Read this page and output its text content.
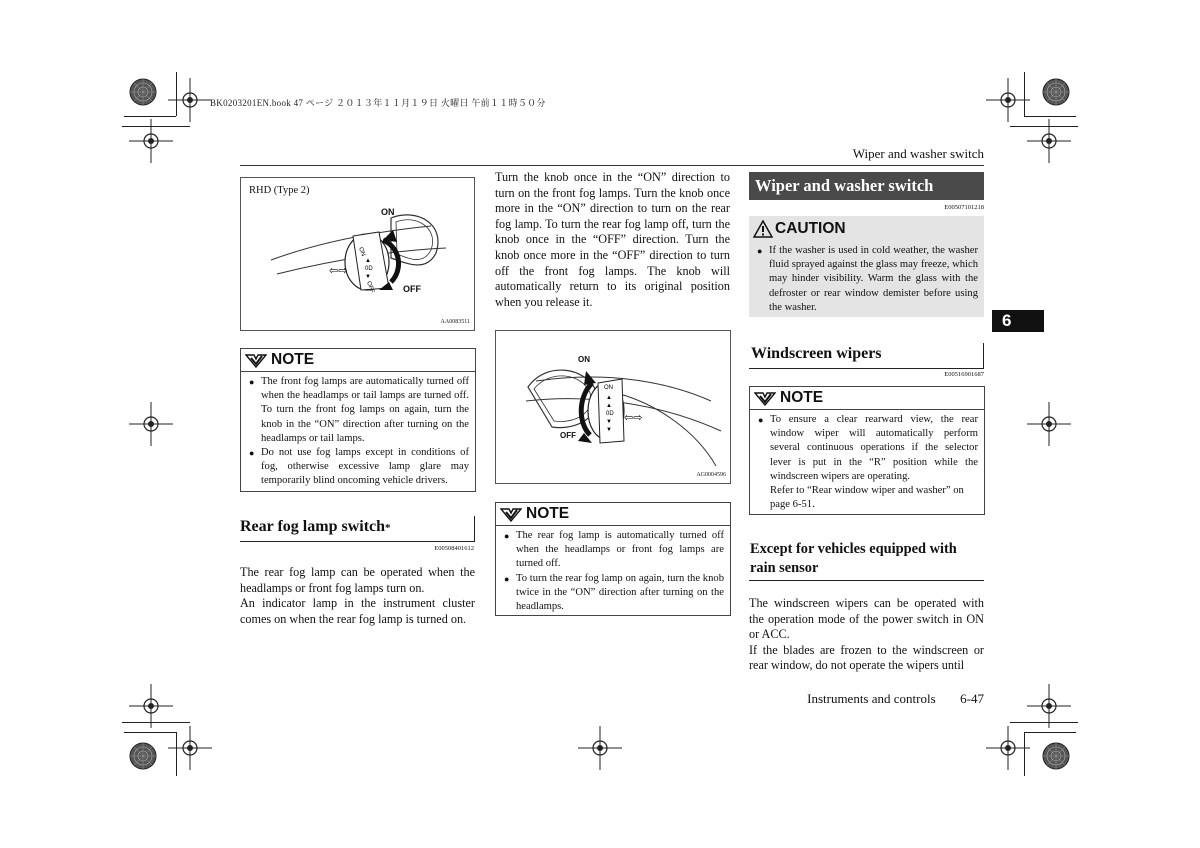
BK0203201EN.book 47 ページ ２０１３年１１月１９日 火曜日 午前１１時５０分
Wiper and washer switch
6
RHD (Type 2)
ON
▲
0D
▼
OFF
⇦⇨
ON
OFF
AA0083511
NOTE
● The front fog lamps are automatically turned off when the headlamps or tail lamps are turned off. To turn the front fog lamps on again, turn the knob in the “ON” direction after turning on the headlamps or tail lamps.
● Do not use fog lamps except in conditions of fog, otherwise excessive lamp glare may temporarily blind oncoming vehicle drivers.
Rear fog lamp switch*
E00508401612

The rear fog lamp can be operated when the headlamps or front fog lamps turn on.

An indicator lamp in the instrument cluster comes on when the rear fog lamp is turned on.

Turn the knob once in the “ON” direction to turn on the front fog lamps. Turn the knob once more in the “ON” direction to turn on the rear fog lamp. To turn the rear fog lamp off, turn the knob once in the “OFF” direction. Turn the knob once more in the “OFF” direction to turn off the front fog lamps. The knob will automatically return to its original position when you release it.

ON
▲
▲
0D
▼
▼
⇦⇨
ON
OFF
AG0004596
NOTE
● The rear fog lamp is automatically turned off when the headlamps or front fog lamps are turned off.
● To turn the rear fog lamp on again, turn the knob twice in the “ON” direction after turning on the headlamps.
Wiper and washer switch
E00507101218
CAUTION
● If the washer is used in cold weather, the washer fluid sprayed against the glass may freeze, which may hinder visibility. Warm the glass with the defroster or rear window demister before using the washer.
Windscreen wipers
E00516901687
NOTE
● To ensure a clear rearward view, the rear window wiper will automatically perform several continuous operations if the selector lever is put in the “R” position while the windscreen wipers are operating.
Refer to “Rear window wiper and washer” on page 6-51.
Except for vehicles equipped with rain sensor

The windscreen wipers can be operated with the operation mode of the power switch in ON or ACC.

If the blades are frozen to the windscreen or rear window, do not operate the wipers until

Instruments and controls 6-47
